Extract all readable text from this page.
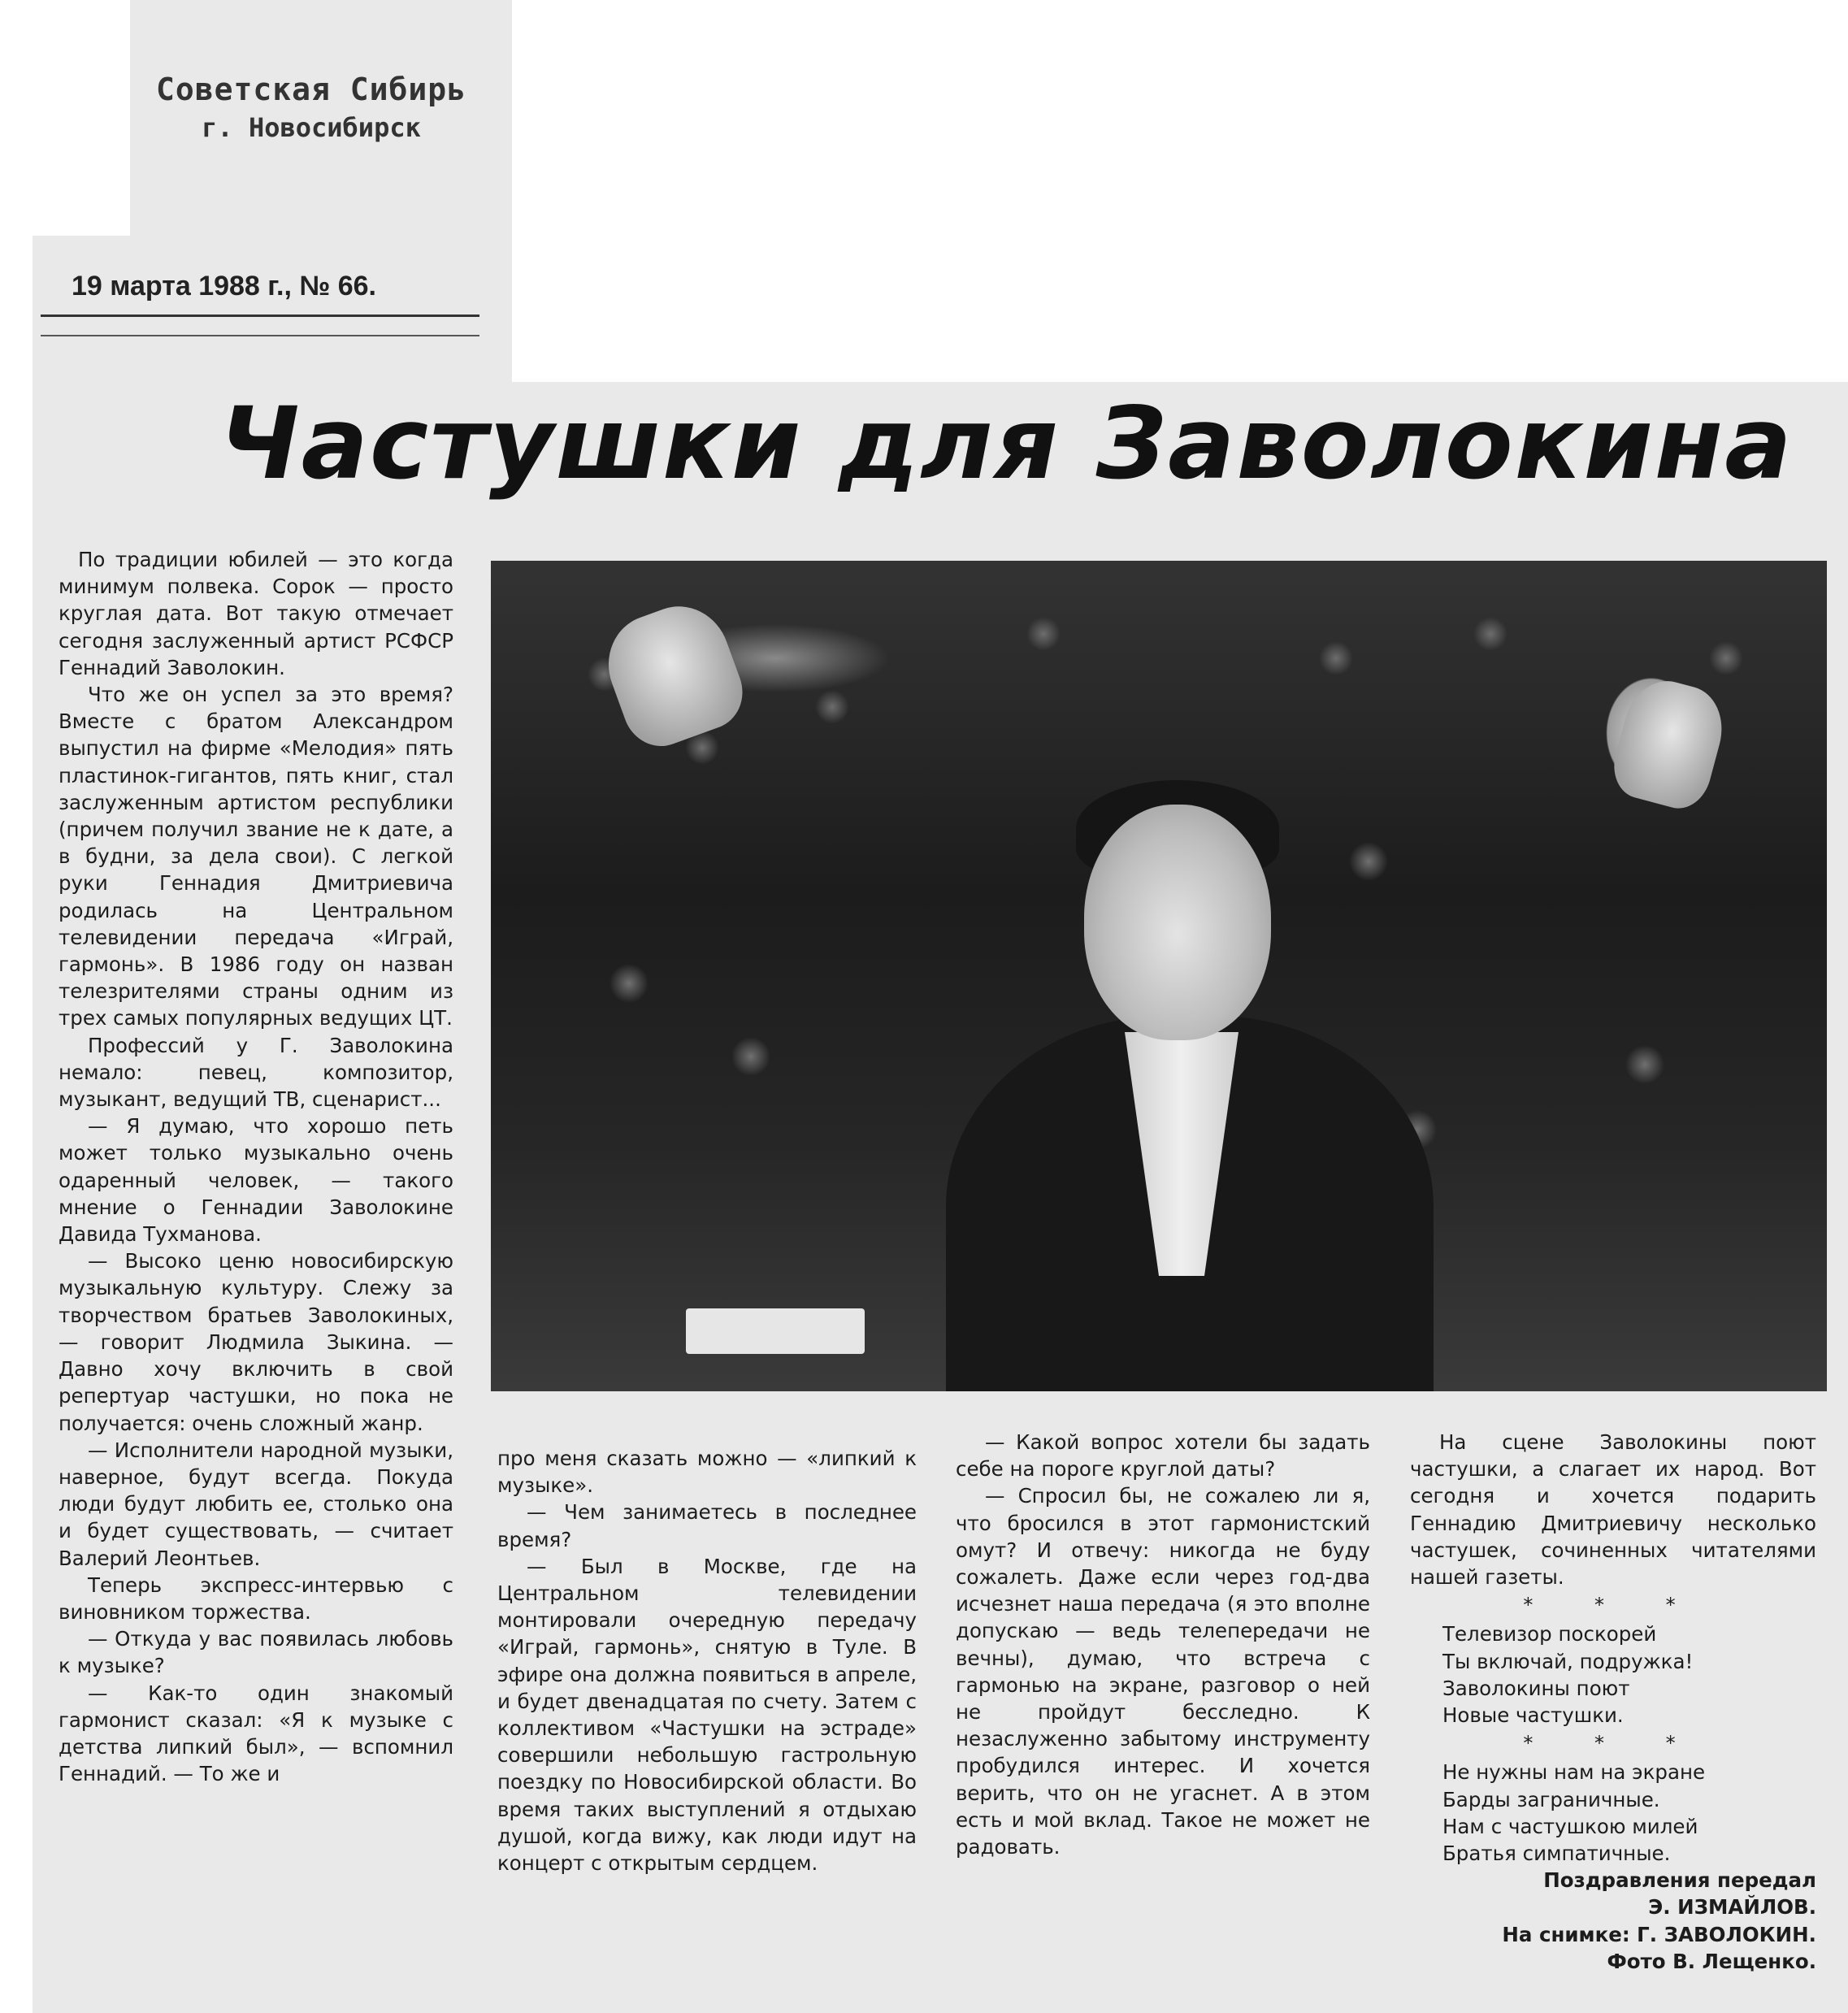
Советская Сибирь
г. Новосибирск
19 марта 1988 г., № 66.
Частушки для Заволокина

По традиции юбилей — это когда минимум полвека. Сорок — просто круглая дата. Вот такую отмечает сегодня заслуженный артист РСФСР Геннадий Заволокин.

Что же он успел за это время? Вместе с братом Александром выпустил на фирме «Мелодия» пять пластинок-гигантов, пять книг, стал заслуженным артистом республики (причем получил звание не к дате, а в будни, за дела свои). С легкой руки Геннадия Дмитриевича родилась на Центральном телевидении передача «Играй, гармонь». В 1986 году он назван телезрителями страны одним из трех самых популярных ведущих ЦТ.

Профессий у Г. Заволокина немало: певец, композитор, музыкант, ведущий ТВ, сценарист...

— Я думаю, что хорошо петь может только музыкально очень одаренный человек, — такого мнение о Геннадии Заволокине Давида Тухманова.

— Высоко ценю новосибирскую музыкальную культуру. Слежу за творчеством братьев Заволокиных, — говорит Людмила Зыкина. — Давно хочу включить в свой репертуар частушки, но пока не получается: очень сложный жанр.

— Исполнители народной музыки, наверное, будут всегда. Покуда люди будут любить ее, столько она и будет существовать, — считает Валерий Леонтьев.

Теперь экспресс-интервью с виновником торжества.

— Откуда у вас появилась любовь к музыке?

— Как-то один знакомый гармонист сказал: «Я к музыке с детства липкий был», — вспомнил Геннадий. — То же и

про меня сказать можно — «липкий к музыке».

— Чем занимаетесь в последнее время?

— Был в Москве, где на Центральном телевидении монтировали очередную передачу «Играй, гармонь», снятую в Туле. В эфире она должна появиться в апреле, и будет двенадцатая по счету. Затем с коллективом «Частушки на эстраде» совершили небольшую гастрольную поездку по Новосибирской области. Во время таких выступлений я отдыхаю душой, когда вижу, как люди идут на концерт с открытым сердцем.

— Какой вопрос хотели бы задать себе на пороге круглой даты?

— Спросил бы, не сожалею ли я, что бросился в этот гармонистский омут? И отвечу: никогда не буду сожалеть. Даже если через год-два исчезнет наша передача (я это вполне допускаю — ведь телепередачи не вечны), думаю, что встреча с гармонью на экране, разговор о ней не пройдут бесследно. К незаслуженно забытому инструменту пробудился интерес. И хочется верить, что он не угаснет. А в этом есть и мой вклад. Такое не может не радовать.

На сцене Заволокины поют частушки, а слагает их народ. Вот сегодня и хочется подарить Геннадию Дмитриевичу несколько частушек, сочиненных читателями нашей газеты.

* * *
Телевизор поскорей
Ты включай, подружка!
Заволокины поют
Новые частушки.
* * *
Не нужны нам на экране
Барды заграничные.
Нам с частушкою милей
Братья симпатичные.

Поздравления передал

Э. ИЗМАЙЛОВ.

На снимке: Г. ЗАВОЛОКИН.

Фото В. Лещенко.
